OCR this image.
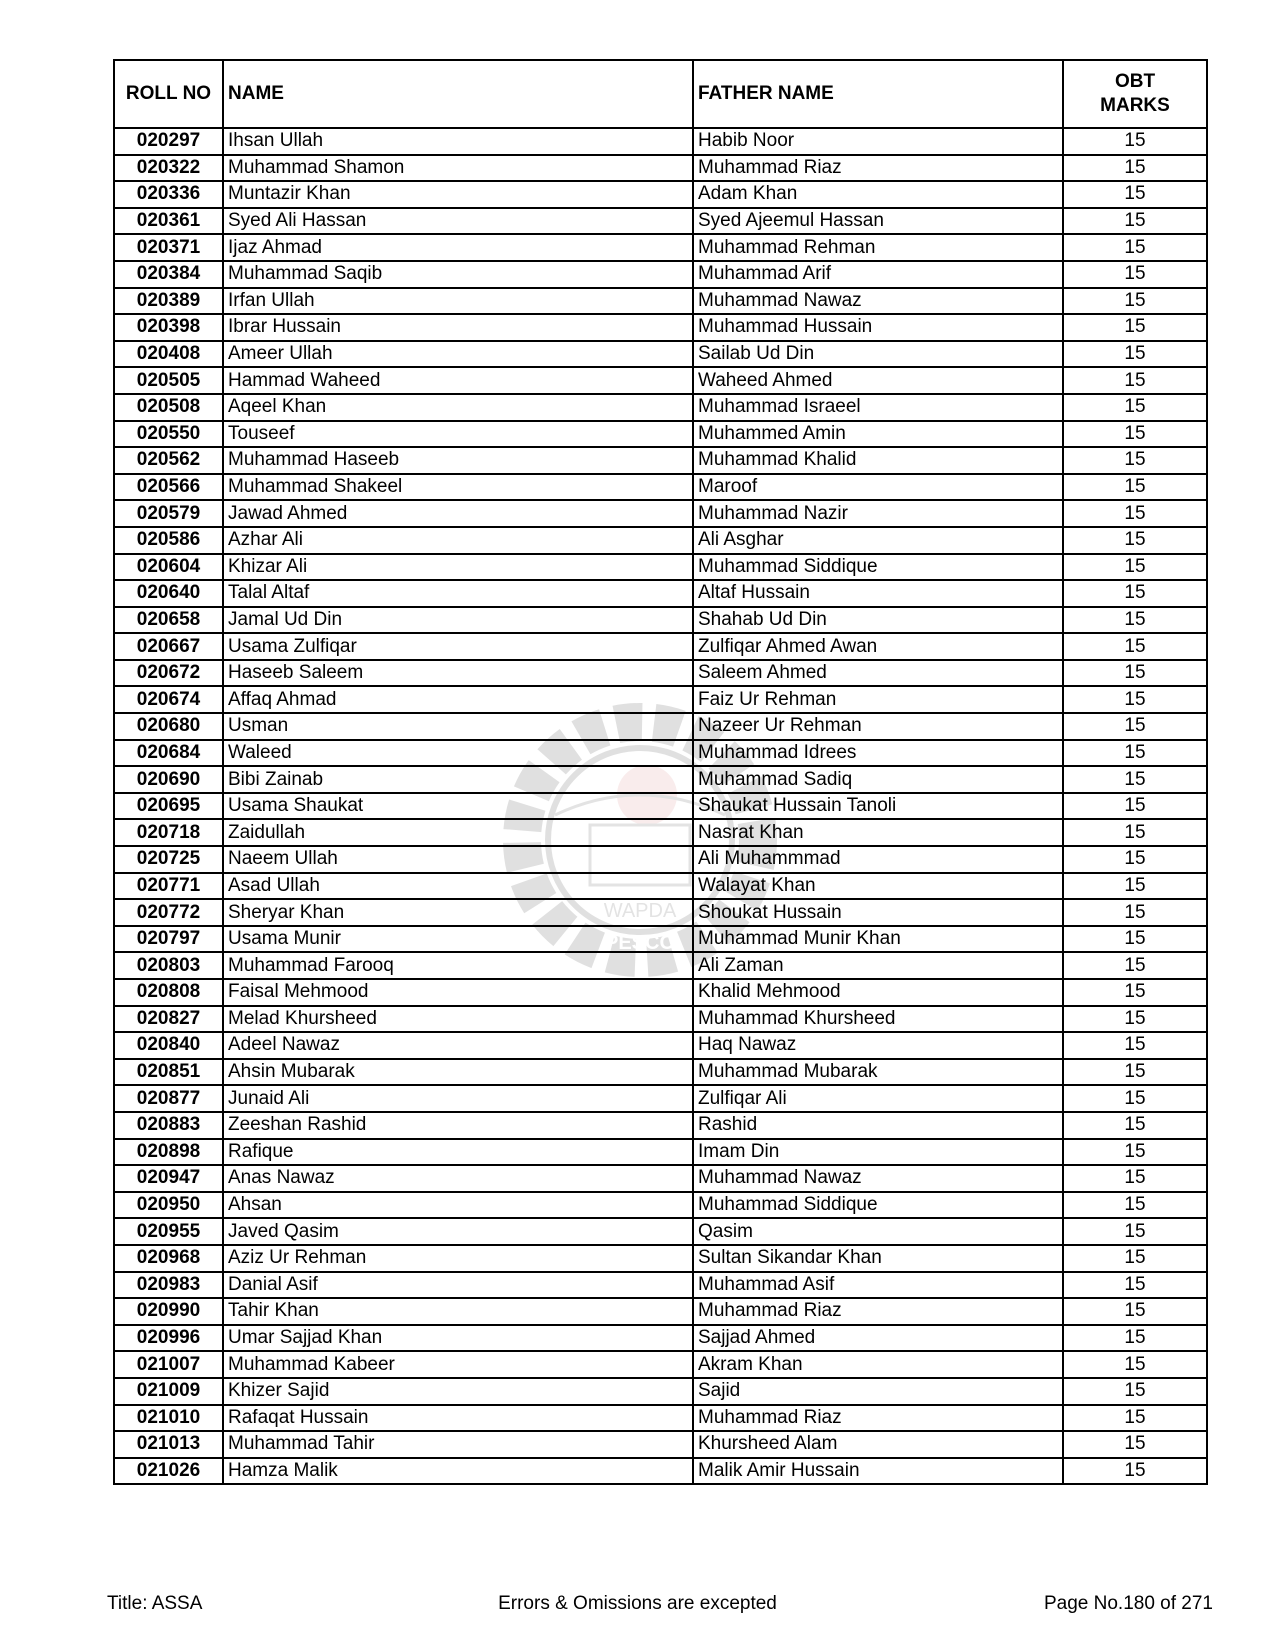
WAPDA
PESCO
ROLL NO	NAME	FATHER NAME	OBT
MARKS

020297	Ihsan Ullah	Habib Noor	15
020322	Muhammad Shamon	Muhammad Riaz	15
020336	Muntazir Khan	Adam Khan	15
020361	Syed Ali Hassan	Syed Ajeemul Hassan	15
020371	Ijaz Ahmad	Muhammad Rehman	15
020384	Muhammad Saqib	Muhammad Arif	15
020389	Irfan Ullah	Muhammad Nawaz	15
020398	Ibrar Hussain	Muhammad Hussain	15
020408	Ameer Ullah	Sailab Ud Din	15
020505	Hammad Waheed	Waheed Ahmed	15
020508	Aqeel Khan	Muhammad Israeel	15
020550	Touseef	Muhammed Amin	15
020562	Muhammad Haseeb	Muhammad Khalid	15
020566	Muhammad Shakeel	Maroof	15
020579	Jawad Ahmed	Muhammad Nazir	15
020586	Azhar Ali	Ali Asghar	15
020604	Khizar Ali	Muhammad Siddique	15
020640	Talal Altaf	Altaf Hussain	15
020658	Jamal Ud Din	Shahab Ud Din	15
020667	Usama Zulfiqar	Zulfiqar Ahmed Awan	15
020672	Haseeb Saleem	Saleem Ahmed	15
020674	Affaq Ahmad	Faiz Ur Rehman	15
020680	Usman	Nazeer Ur Rehman	15
020684	Waleed	Muhammad Idrees	15
020690	Bibi Zainab	Muhammad Sadiq	15
020695	Usama Shaukat	Shaukat Hussain Tanoli	15
020718	Zaidullah	Nasrat Khan	15
020725	Naeem Ullah	Ali Muhammmad	15
020771	Asad Ullah	Walayat Khan	15
020772	Sheryar Khan	Shoukat Hussain	15
020797	Usama Munir	Muhammad Munir Khan	15
020803	Muhammad Farooq	Ali Zaman	15
020808	Faisal Mehmood	Khalid Mehmood	15
020827	Melad Khursheed	Muhammad Khursheed	15
020840	Adeel Nawaz	Haq Nawaz	15
020851	Ahsin Mubarak	Muhammad Mubarak	15
020877	Junaid Ali	Zulfiqar Ali	15
020883	Zeeshan Rashid	Rashid	15
020898	Rafique	Imam Din	15
020947	Anas Nawaz	Muhammad Nawaz	15
020950	Ahsan	Muhammad Siddique	15
020955	Javed Qasim	Qasim	15
020968	Aziz Ur Rehman	Sultan Sikandar Khan	15
020983	Danial Asif	Muhammad Asif	15
020990	Tahir Khan	Muhammad Riaz	15
020996	Umar Sajjad Khan	Sajjad Ahmed	15
021007	Muhammad Kabeer	Akram Khan	15
021009	Khizer Sajid	Sajid	15
021010	Rafaqat Hussain	Muhammad Riaz	15
021013	Muhammad Tahir	Khursheed Alam	15
021026	Hamza Malik	Malik Amir Hussain	15
Title: ASSA	Errors & Omissions are excepted	Page No.180 of 271
